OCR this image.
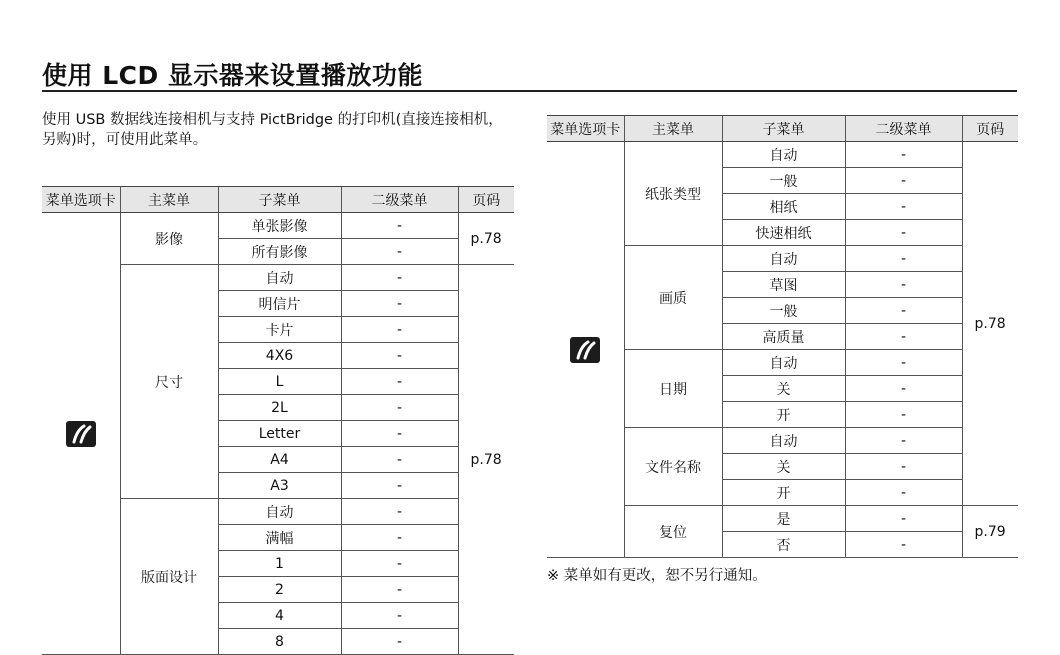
使用 LCD 显示器来设置播放功能
使用 USB 数据线连接相机与支持 PictBridge 的打印机(直接连接相机，另购)时，可使用此菜单。
菜单选项卡	主菜单	子菜单	二级菜单	页码

	影像	单张影像	-	p.78
		所有影像	-	
	尺寸	自动	-	p.78
		明信片	-	
		卡片	-	
		4X6	-	
		L	-	
		2L	-	
		Letter	-	
		A4	-	
		A3	-	
	版面设计	自动	-	
		满幅	-	
		1	-	
		2	-	
		4	-	
		8	-	
菜单选项卡	主菜单	子菜单	二级菜单	页码

	纸张类型	自动	-	p.78
		一般	-	
		相纸	-	
		快速相纸	-	
	画质	自动	-	
		草图	-	
		一般	-	
		高质量	-	
	日期	自动	-	
		关	-	
		开	-	
	文件名称	自动	-	
		关	-	
		开	-	
	复位	是	-	p.79
		否	-	
※ 菜单如有更改，恕不另行通知。
